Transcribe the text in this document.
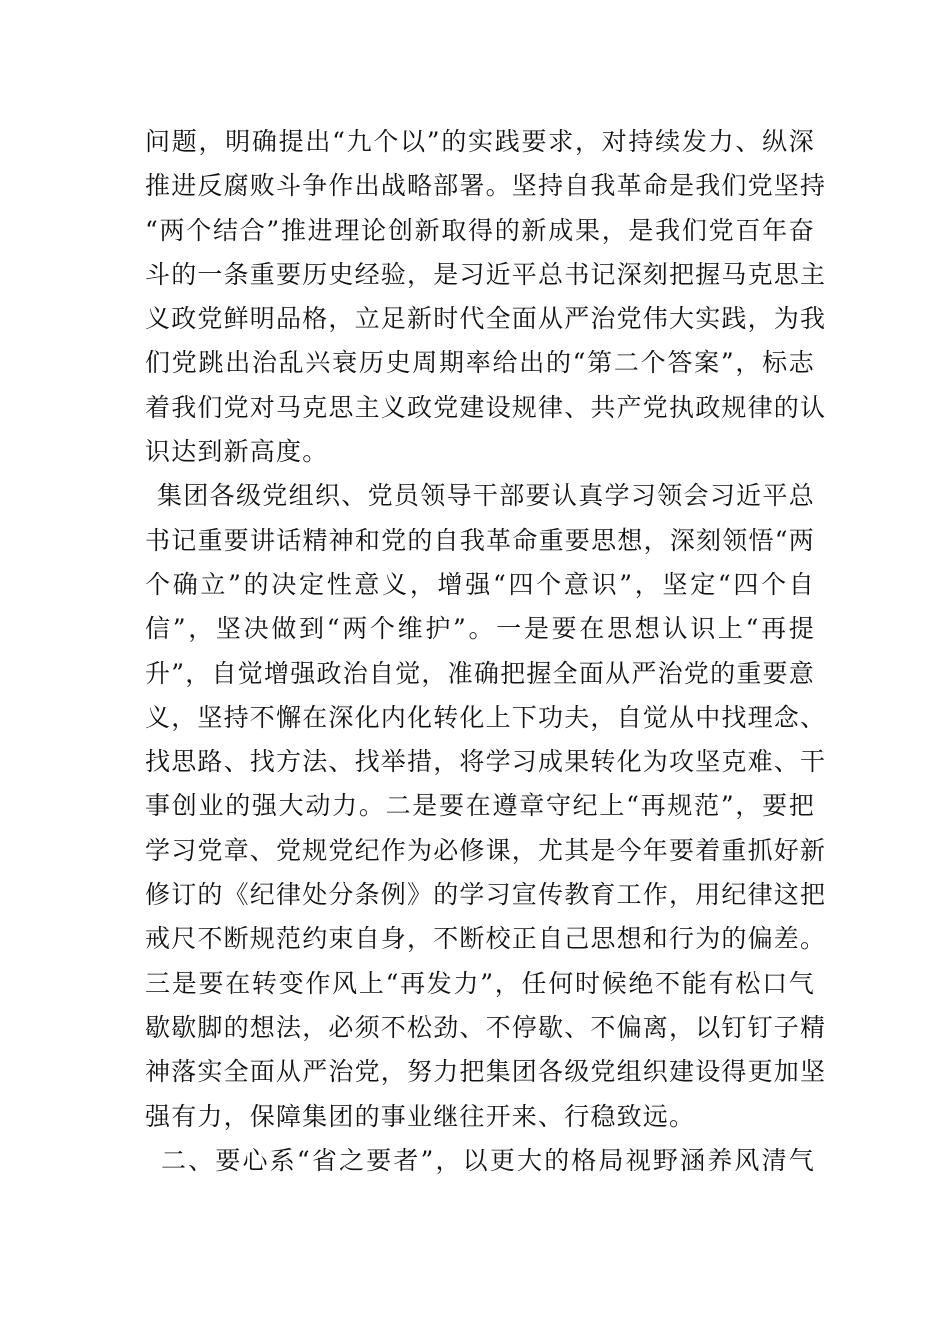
问题，明确提出“九个以”的实践要求，对持续发力、纵深
推进反腐败斗争作出战略部署。坚持自我革命是我们党坚持
“两个结合”推进理论创新取得的新成果，是我们党百年奋
斗的一条重要历史经验，是习近平总书记深刻把握马克思主
义政党鲜明品格，立足新时代全面从严治党伟大实践，为我
们党跳出治乱兴衰历史周期率给出的“第二个答案”，标志
着我们党对马克思主义政党建设规律、共产党执政规律的认
识达到新高度。
集团各级党组织、党员领导干部要认真学习领会习近平总
书记重要讲话精神和党的自我革命重要思想，深刻领悟“两
个确立”的决定性意义，增强“四个意识”，坚定“四个自
信”，坚决做到“两个维护”。一是要在思想认识上“再提
升”，自觉增强政治自觉，准确把握全面从严治党的重要意
义，坚持不懈在深化内化转化上下功夫，自觉从中找理念、
找思路、找方法、找举措，将学习成果转化为攻坚克难、干
事创业的强大动力。二是要在遵章守纪上“再规范”，要把
学习党章、党规党纪作为必修课，尤其是今年要着重抓好新
修订的《纪律处分条例》的学习宣传教育工作，用纪律这把
戒尺不断规范约束自身，不断校正自己思想和行为的偏差。
三是要在转变作风上“再发力”，任何时候绝不能有松口气
歇歇脚的想法，必须不松劲、不停歇、不偏离，以钉钉子精
神落实全面从严治党，努力把集团各级党组织建设得更加坚
强有力，保障集团的事业继往开来、行稳致远。
二、要心系“省之要者”，以更大的格局视野涵养风清气
